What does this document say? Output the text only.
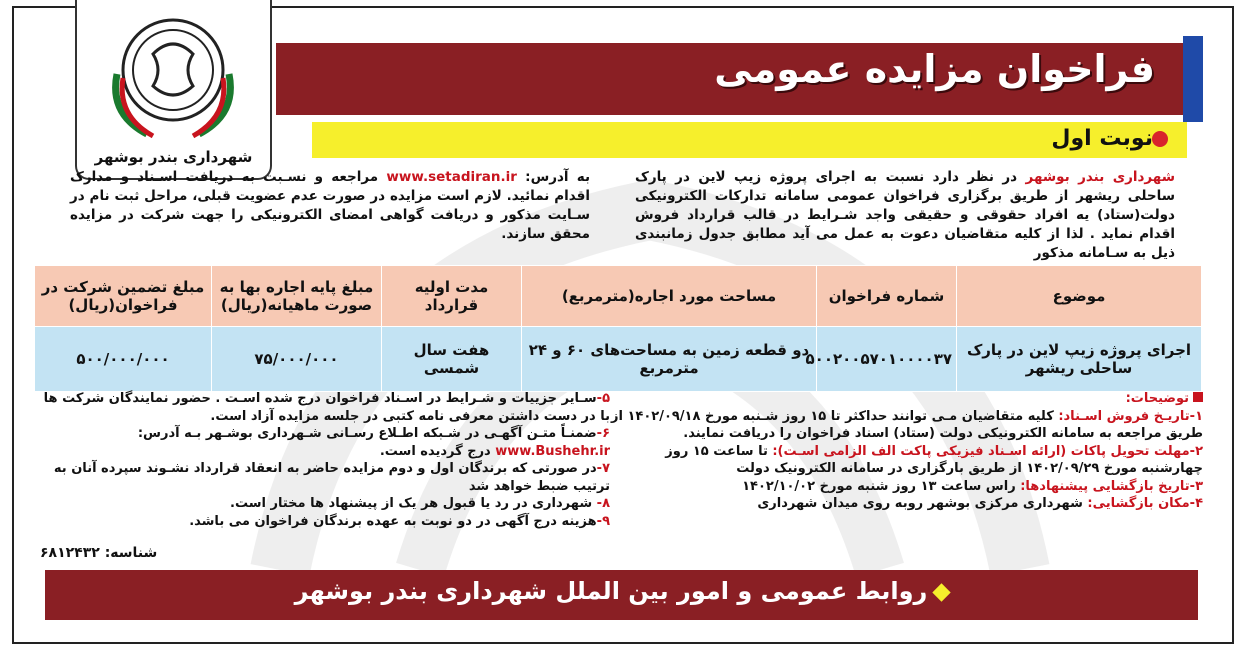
فراخوان مزایده عمومی
شهرداری بندر بوشهر
نوبت اول
شهرداری بندر بوشهر در نظر دارد نسبت به اجرای پروژه زیپ لاین در پارک ساحلی ریشهر از طریق برگزاری فراخوان عمومی سامانه تدارکات الکترونیکی دولت(ستاد) یه افراد حقوقی و حقیقی واجد شـرایط در قالب قرارداد فروش اقدام نماید . لذا از کلیه متقاضیان دعوت به عمل می آید مطابق جدول زمانبندی ذیل به سـامانه مذکور
به آدرس: www.setadiran.ir مراجعه و نسـبت به دریافت اسـناد و مدارک اقدام نمائید. لازم است مزایده در صورت عدم عضویت قبلی، مراحل ثبت نام در سـایت مذکور و دریافت گواهی امضای الکترونیکی را جهت شرکت در مزایده محقق سازند.
موضوع	شماره فراخوان	مساحت مورد اجاره(مترمربع)	مدت اولیه قرارداد	مبلغ پایه اجاره بها به صورت ماهیانه(ریال)	مبلغ تضمین شرکت در فراخوان(ریال)
اجرای پروژه زیپ لاین در پارک ساحلی ریشهر	۵۰۰۲۰۰۵۷۰۱۰۰۰۰۳۷	دو قطعه زمین به مساحت‌های ۶۰ و ۲۴ مترمربع	هفت سال شمسی	۷۵/۰۰۰/۰۰۰	۵۰۰/۰۰۰/۰۰۰

توضیحات:

۱-تاریـخ فروش اسـناد: کلیه متقاضیان مـی توانند حداکثر تا ۱۵ روز شـنبه مورخ ۱۴۰۲/۰۹/۱۸ از طریق مراجعه به سامانه الکترونیکی دولت (ستاد) اسناد فراخوان را دریافت نمایند.

۲-مهلت تحویل پاکات (ارائه اسـناد فیزیکی پاکت الف الزامی اسـت): تا ساعت ۱۵ روز چهارشنبه مورخ ۱۴۰۲/۰۹/۲۹ از طریق بارگزاری در سامانه الکترونیک دولت

۳-تاریخ بازگشایی پیشنهادها: راس ساعت ۱۳ روز شنبه مورخ ۱۴۰۲/۱۰/۰۲

۴-مکان بازگشایی: شهرداری مرکزی بوشهر روبه روی میدان شهرداری

۵-سـایر جزییات و شـرایط در اسـناد فراخوان درج شده اسـت . حضور نمایندگان شرکت ها با در دست داشتن معرفی نامه کتبی در جلسه مزایده آزاد است.

۶-ضمنـاً متـن آگهـی در شـبکه اطـلاع رسـانی شـهرداری بوشـهر بـه آدرس: www.Bushehr.ir درج گردیده است.

۷-در صورتی که برندگان اول و دوم مزایده حاضر به انعقاد قرارداد نشـوند سپرده آنان به ترتیب ضبط خواهد شد

۸- شهرداری در رد یا قبول هر یک از پیشنهاد ها مختار است.

۹-هزینه درج آگهی در دو نوبت به عهده برندگان فراخوان می باشد.

شناسه: ۶۸۱۲۴۳۲
روابط عمومی و امور بین الملل شهرداری بندر بوشهر
